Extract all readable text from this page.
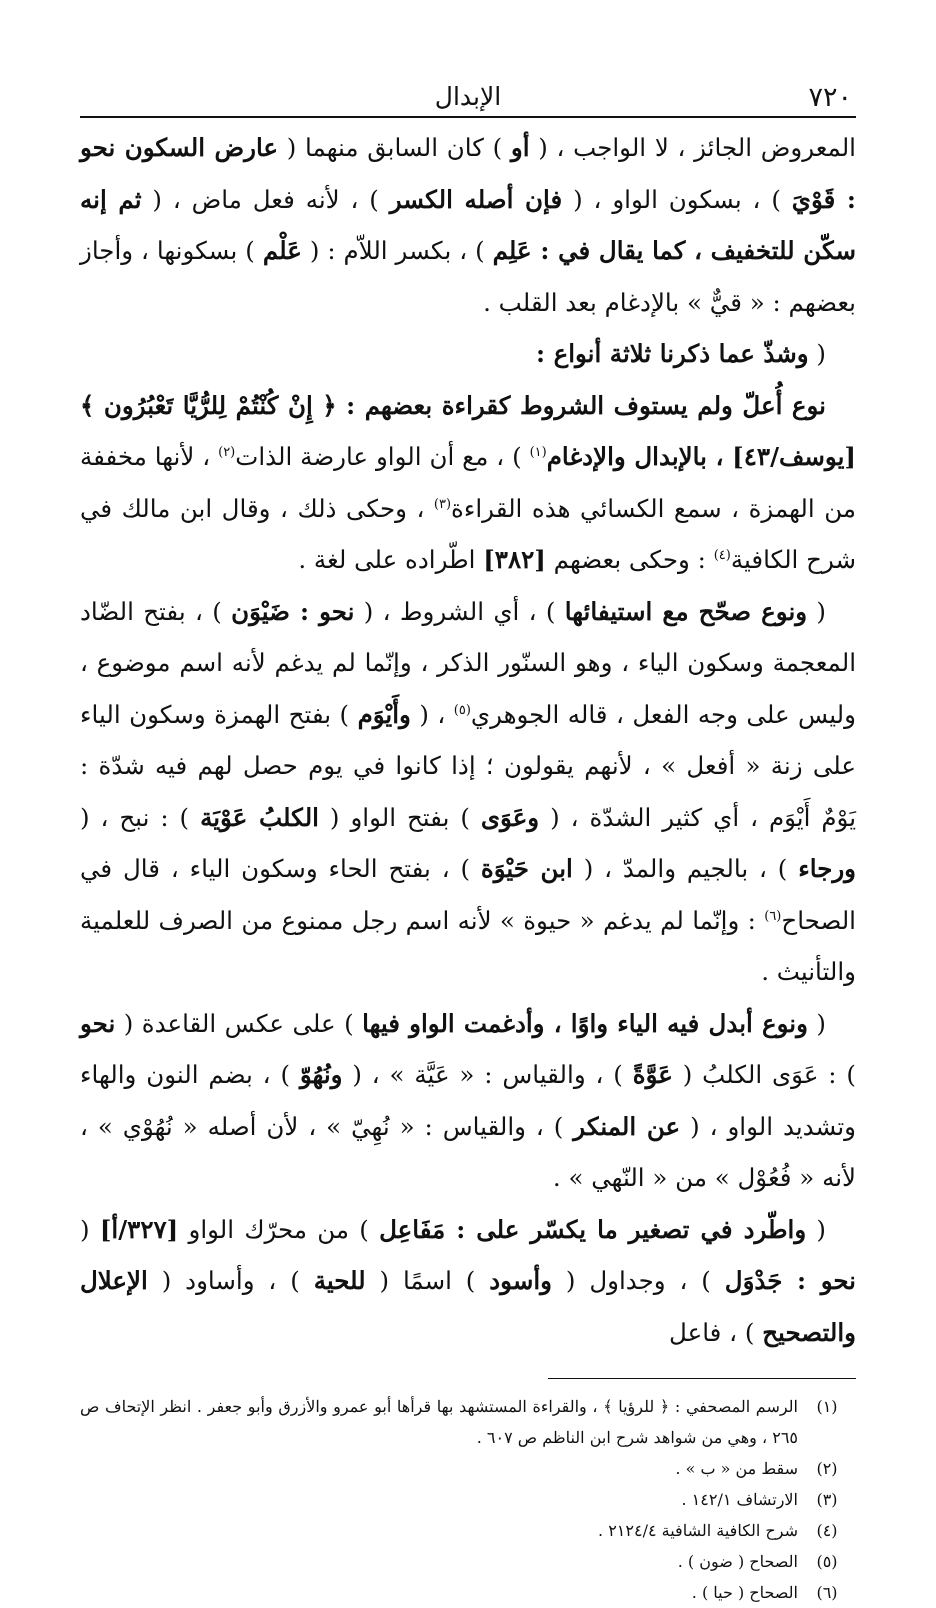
٧٢٠
الإبدال

المعروض الجائز ، لا الواجب ، ( أو ) كان السابق منهما ( عارض السكون نحو : قَوْيَ ) ، بسكون الواو ، ( فإن أصله الكسر ) ، لأنه فعل ماض ، ( ثم إنه سكّن للتخفيف ، كما يقال في : عَلِم ) ، بكسر اللاّم : ( عَلْم ) بسكونها ، وأجاز بعضهم : « قيٌّ » بالإدغام بعد القلب .

( وشذّ عما ذكرنا ثلاثة أنواع :

نوع أُعلّ ولم يستوف الشروط كقراءة بعضهم : ﴿ إِنْ كُنْتُمْ لِلرُّيَّا تَعْبُرُون ﴾ [يوسف/٤٣] ، بالإبدال والإدغام$^{(١)}$ ) ، مع أن الواو عارضة الذات$^{(٢)}$ ، لأنها مخففة من الهمزة ، سمع الكسائي هذه القراءة$^{(٣)}$ ، وحكى ذلك ، وقال ابن مالك في شرح الكافية$^{(٤)}$ : وحكى بعضهم [٣٨٢] اطّراده على لغة .

( ونوع صحّح مع استيفائها ) ، أي الشروط ، ( نحو : ضَيْوَن ) ، بفتح الضّاد المعجمة وسكون الياء ، وهو السنّور الذكر ، وإنّما لم يدغم لأنه اسم موضوع ، وليس على وجه الفعل ، قاله الجوهري$^{(٥)}$ ، ( وأَيْوَم ) بفتح الهمزة وسكون الياء على زنة « أفعل » ، لأنهم يقولون ؛ إذا كانوا في يوم حصل لهم فيه شدّة : يَوْمٌ أَيْوَم ، أي كثير الشدّة ، ( وعَوَى ) بفتح الواو ( الكلبُ عَوْيَة ) : نبح ، ( ورجاء ) ، بالجيم والمدّ ، ( ابن حَيْوَة ) ، بفتح الحاء وسكون الياء ، قال في الصحاح$^{(٦)}$ : وإنّما لم يدغم « حيوة » لأنه اسم رجل ممنوع من الصرف للعلمية والتأنيث .

( ونوع أبدل فيه الياء واوًا ، وأدغمت الواو فيها ) على عكس القاعدة ( نحو ) : عَوَى الكلبُ ( عَوَّةً ) ، والقياس : « عَيَّة » ، ( ونُهُوّ ) ، بضم النون والهاء وتشديد الواو ، ( عن المنكر ) ، والقياس : « نُهِيّ » ، لأن أصله « نُهُوْي » ، لأنه « فُعُوْل » من « النّهي » .

( واطّرد في تصغير ما يكسّر على : مَفَاعِل ) من محرّك الواو [٣٢٧/أ] ( نحو : جَدْوَل ) ، وجداول ( وأسود ) اسمًا ( للحية ) ، وأساود ( الإعلال والتصحيح ) ، فاعل

(١)
الرسم المصحفي : ﴿ للرؤيا ﴾ ، والقراءة المستشهد بها قرأها أبو عمرو والأزرق وأبو جعفر . انظر الإتحاف ص ٢٦٥ ، وهي من شواهد شرح ابن الناظم ص ٦٠٧ .
(٢)
سقط من « ب » .
(٣)
الارتشاف ١٤٢/١ .
(٤)
شرح الكافية الشافية ٢١٢٤/٤ .
(٥)
الصحاح ( ضون ) .
(٦)
الصحاح ( حيا ) .
